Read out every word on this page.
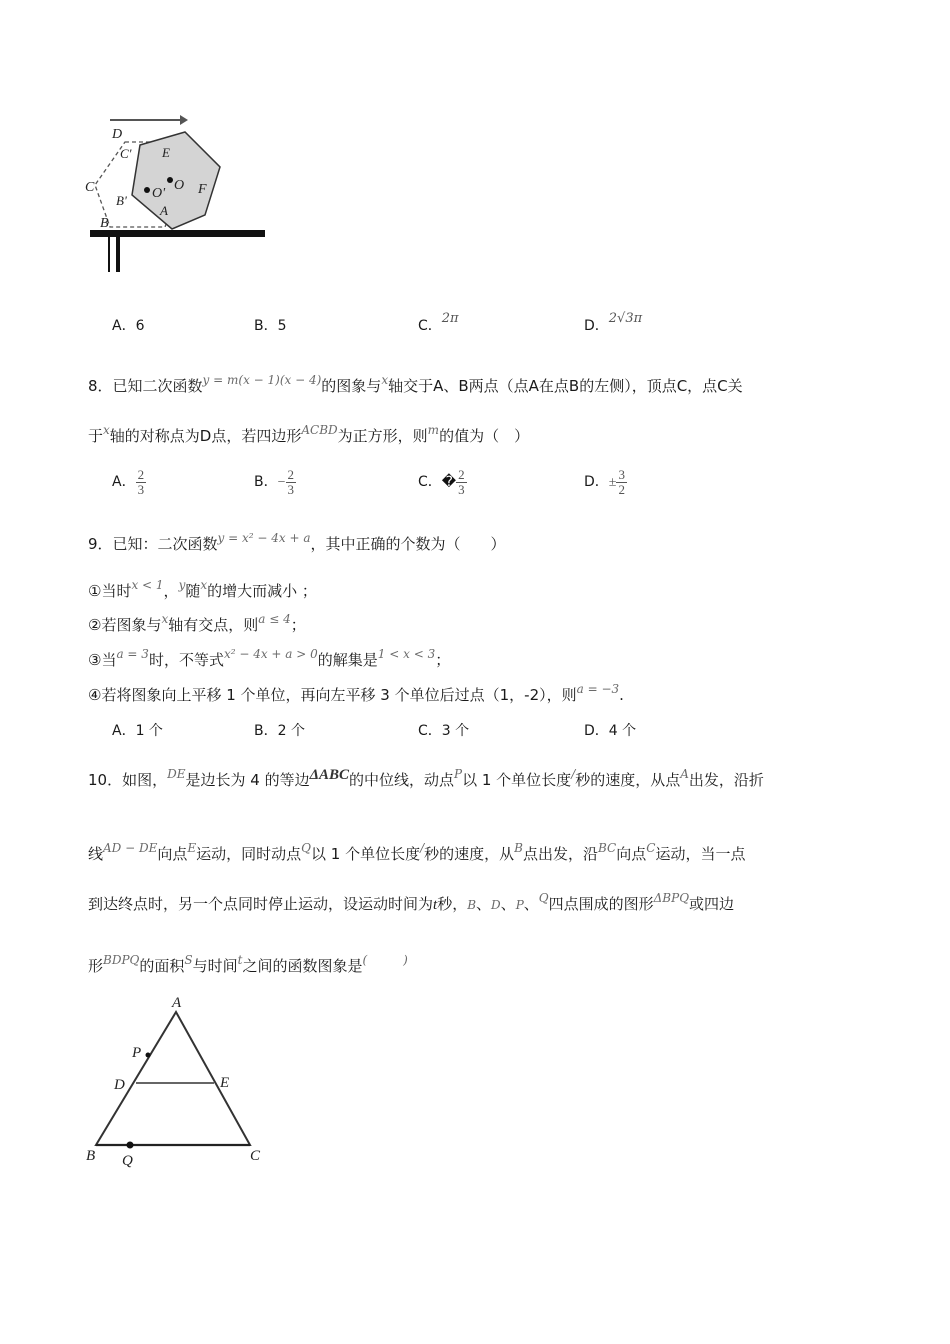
D
C' E
C	O'
O F
B'
A
B
A．6	B．5	C．2π	D．2√3π
8．已知二次函数$^{y = m(x - 1)(x - 4)}$的图象与$^x$轴交于A、B两点（点A在点B的左侧），顶点C，点C关
于$^x$轴的对称点为D点，若四边形$^{ACBD}$为正方形，则$^m$的值为（　）
A． $\frac{2}{3}$	B．− $\frac{2}{3}$	C．� $\frac{2}{3}$	D．± $\frac{3}{2}$
9．已知：二次函数$^{y = x^2 - 4x + a}$，其中正确的个数为（　　）
①当时$^{x < 1}$，$^y$随$^x$的增大而减小 ；
②若图象与$^x$轴有交点，则$^{a \le 4}$；
③当$^{a = 3}$时，不等式$^{x^2 - 4x + a > 0}$的解集是$^{1 < x < 3}$；
④若将图象向上平移 1 个单位，再向左平移 3 个单位后过点（1，-2），则$^{a = -3}$.
A．1 个	B．2 个	C．3 个	D．4 个
10．如图，$^{DE}$是边长为 4 的等边ΔABC的中位线，动点$^P$以 1 个单位长度/秒的速度，从点$^A$出发，沿折
线$^{AD - DE}$向点$^E$运动，同时动点$^Q$以 1 个单位长度/秒的速度，从$^B$点出发，沿$^{BC}$向点$^C$运动，当一点
到达终点时，另一个点同时停止运动，设运动时间为t秒，B、D、P、$^Q$四点围成的图形$^{\Delta BPQ}$或四边
形$^{BDPQ}$的面积$^S$与时间$^t$之间的函数图象是(	)
A
P
D	E
B Q	C
